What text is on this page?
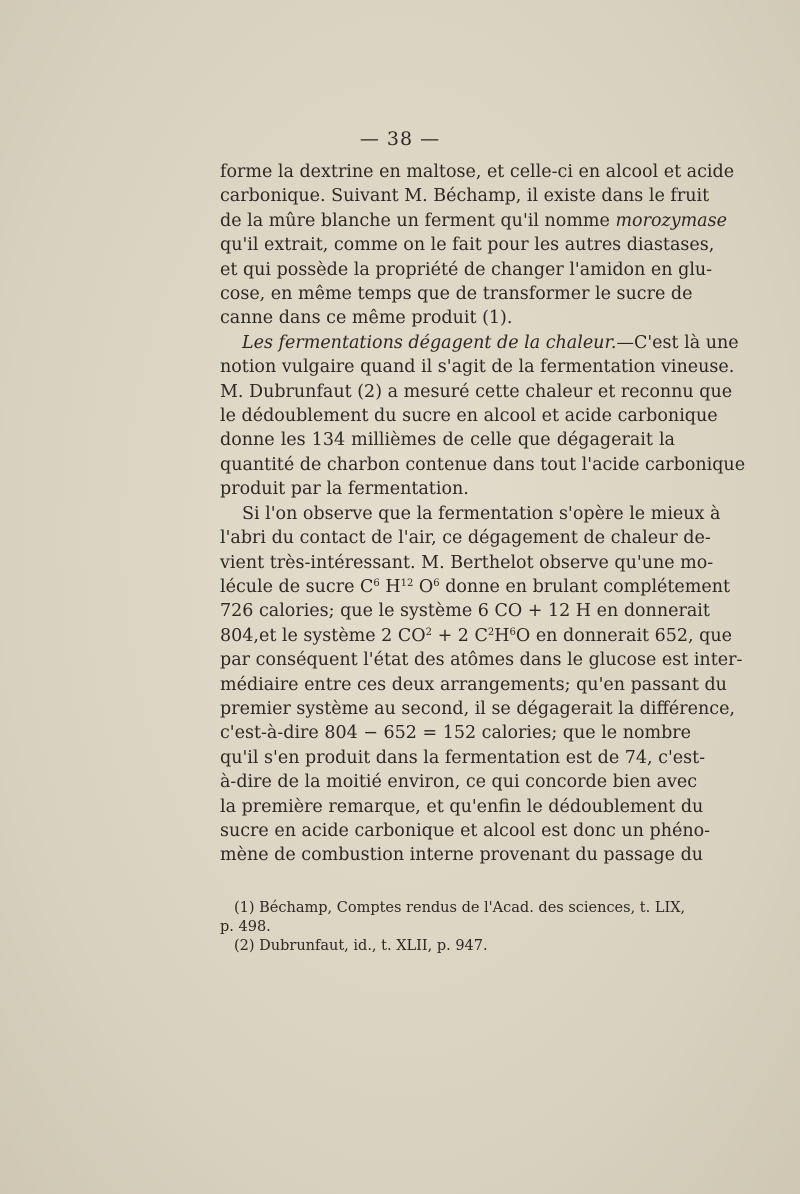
— 38 —
forme la dextrine en maltose, et celle-ci en alcool et acide
carbonique. Suivant M. Béchamp, il existe dans le fruit
de la mûre blanche un ferment qu'il nomme morozymase
qu'il extrait, comme on le fait pour les autres diastases,
et qui possède la propriété de changer l'amidon en glu-
cose, en même temps que de transformer le sucre de
canne dans ce même produit (1).
Les fermentations dégagent de la chaleur.—C'est là une
notion vulgaire quand il s'agit de la fermentation vineuse.
M. Dubrunfaut (2) a mesuré cette chaleur et reconnu que
le dédoublement du sucre en alcool et acide carbonique
donne les 134 millièmes de celle que dégagerait la
quantité de charbon contenue dans tout l'acide carbonique
produit par la fermentation.
Si l'on observe que la fermentation s'opère le mieux à
l'abri du contact de l'air, ce dégagement de chaleur de-
vient très-intéressant. M. Berthelot observe qu'une mo-
lécule de sucre $C^6$ $H^{12}$ $O^6$ donne en brulant complétement
726 calories; que le système 6 CO + 12 H en donnerait
804,et le système 2 $CO^2 + 2$ $C^2H^6O$ en donnerait 652, que
par conséquent l'état des atômes dans le glucose est inter-
médiaire entre ces deux arrangements; qu'en passant du
premier système au second, il se dégagerait la différence,
c'est-à-dire 804 − 652 = 152 calories; que le nombre
qu'il s'en produit dans la fermentation est de 74, c'est-
à-dire de la moitié environ, ce qui concorde bien avec
la première remarque, et qu'enfin le dédoublement du
sucre en acide carbonique et alcool est donc un phéno-
mène de combustion interne provenant du passage du
(1) Béchamp, Comptes rendus de l'Acad. des sciences, t. LIX,
p. 498.
(2) Dubrunfaut, id., t. XLII, p. 947.
